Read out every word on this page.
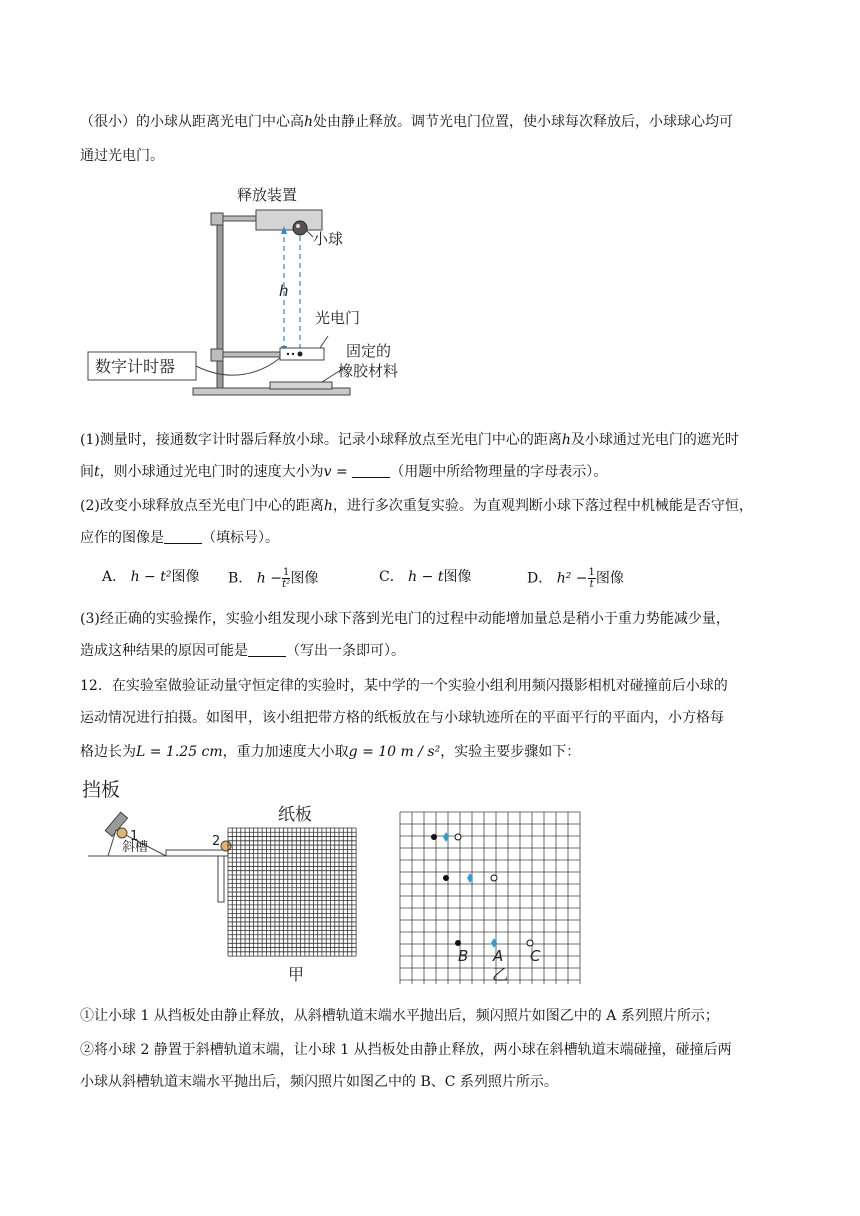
（很小）的小球从距离光电门中心高h处由静止释放。调节光电门位置，使小球每次释放后，小球球心均可
通过光电门。
释放装置
小球
h
光电门
固定的
橡胶材料
数字计时器
(1)测量时，接通数字计时器后释放小球。记录小球释放点至光电门中心的距离h及小球通过光电门的遮光时
间t，则小球通过光电门时的速度大小为v =	（用题中所给物理量的字母表示）。
(2)改变小球释放点至光电门中心的距离h，进行多次重复实验。为直观判断小球下落过程中机械能是否守恒，
应作的图像是	（填标号）。
A． h − t²图像 B． $h - \frac{1}{\text{t²}}$ 图像	C． h − t图像	D． $h^2 - \frac{1}{t}$ 图像
(3)经正确的实验操作，实验小组发现小球下落到光电门的过程中动能增加量总是稍小于重力势能减少量，
造成这种结果的原因可能是	（写出一条即可）。
12．在实验室做验证动量守恒定律的实验时，某中学的一个实验小组利用频闪摄影相机对碰撞前后小球的
运动情况进行拍摄。如图甲，该小组把带方格的纸板放在与小球轨迹所在的平面平行的平面内，小方格每
格边长为L = 1.25 cm，重力加速度大小取g = 10 m / s²，实验主要步骤如下：
挡板
斜槽
1	2
纸板
甲	乙
B A C
①让小球 1 从挡板处由静止释放，从斜槽轨道末端水平抛出后，频闪照片如图乙中的 A 系列照片所示；
②将小球 2 静置于斜槽轨道末端，让小球 1 从挡板处由静止释放，两小球在斜槽轨道末端碰撞，碰撞后两
小球从斜槽轨道末端水平抛出后，频闪照片如图乙中的 B、C 系列照片所示。
